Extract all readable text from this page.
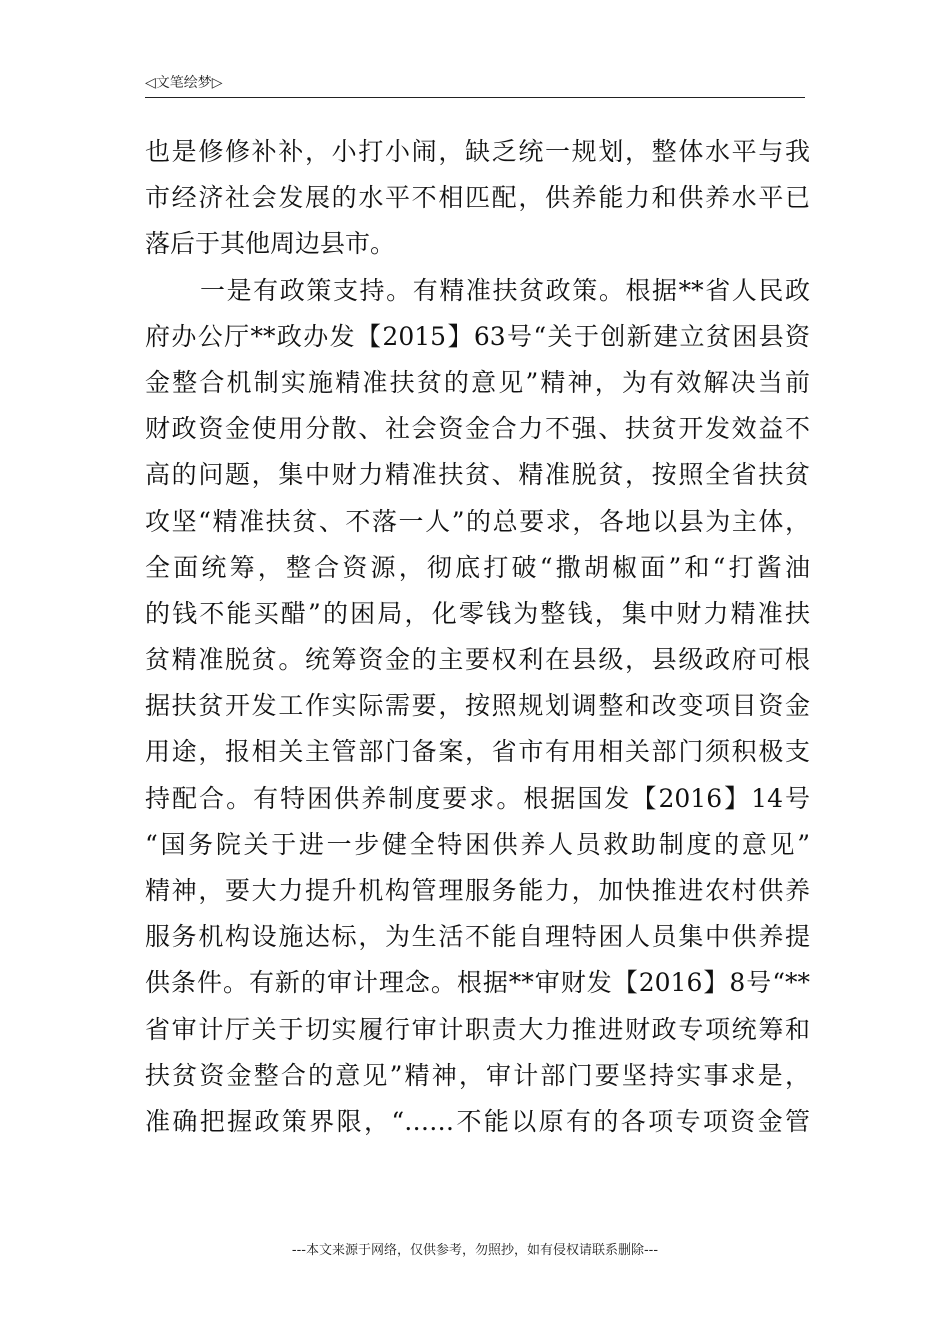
◁文笔绘梦▷
也是修修补补，小打小闹，缺乏统一规划，整体水平与我
市经济社会发展的水平不相匹配，供养能力和供养水平已
落后于其他周边县市。
一是有政策支持。有精准扶贫政策。根据**省人民政
府办公厅**政办发【2015】63号“关于创新建立贫困县资
金整合机制实施精准扶贫的意见”精神，为有效解决当前
财政资金使用分散、社会资金合力不强、扶贫开发效益不
高的问题，集中财力精准扶贫、精准脱贫，按照全省扶贫
攻坚“精准扶贫、不落一人”的总要求，各地以县为主体，
全面统筹，整合资源，彻底打破“撒胡椒面”和“打酱油
的钱不能买醋”的困局，化零钱为整钱，集中财力精准扶
贫精准脱贫。统筹资金的主要权利在县级，县级政府可根
据扶贫开发工作实际需要，按照规划调整和改变项目资金
用途，报相关主管部门备案，省市有用相关部门须积极支
持配合。有特困供养制度要求。根据国发【2016】14号
“国务院关于进一步健全特困供养人员救助制度的意见”
精神，要大力提升机构管理服务能力，加快推进农村供养
服务机构设施达标，为生活不能自理特困人员集中供养提
供条件。有新的审计理念。根据**审财发【2016】8号“**
省审计厅关于切实履行审计职责大力推进财政专项统筹和
扶贫资金整合的意见”精神，审计部门要坚持实事求是，
准确把握政策界限，“……不能以原有的各项专项资金管
---本文来源于网络，仅供参考，勿照抄，如有侵权请联系删除---
